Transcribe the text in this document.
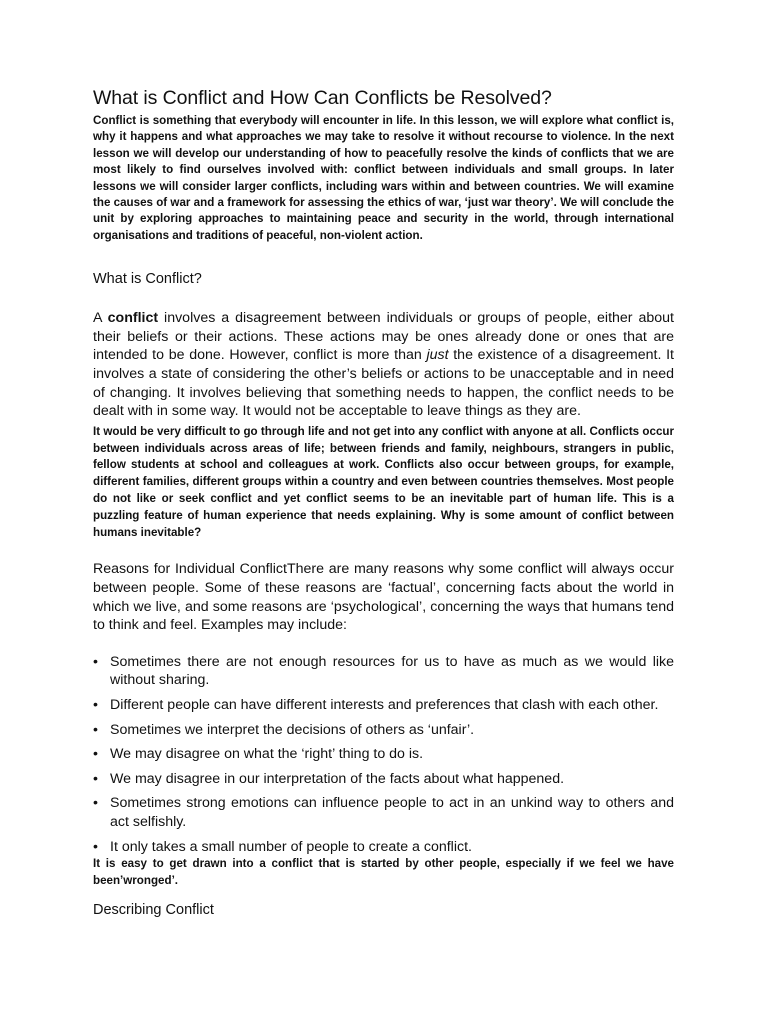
What is Conflict and How Can Conflicts be Resolved?

Conflict is something that everybody will encounter in life. In this lesson, we will explore what conflict is, why it happens and what approaches we may take to resolve it without recourse to violence. In the next lesson we will develop our understanding of how to peacefully resolve the kinds of conflicts that we are most likely to find ourselves involved with: conflict between individuals and small groups. In later lessons we will consider larger conflicts, including wars within and between countries. We will examine the causes of war and a framework for assessing the ethics of war, ‘just war theory’. We will conclude the unit by exploring approaches to maintaining peace and security in the world, through international organisations and traditions of peaceful, non-violent action.

What is Conflict?

A conflict involves a disagreement between individuals or groups of people, either about their beliefs or their actions. These actions may be ones already done or ones that are intended to be done. However, conflict is more than just the existence of a disagreement. It involves a state of considering the other’s beliefs or actions to be unacceptable and in need of changing. It involves believing that something needs to happen, the conflict needs to be dealt with in some way. It would not be acceptable to leave things as they are.

It would be very difficult to go through life and not get into any conflict with anyone at all. Conflicts occur between individuals across areas of life; between friends and family, neighbours, strangers in public, fellow students at school and colleagues at work. Conflicts also occur between groups, for example, different families, different groups within a country and even between countries themselves. Most people do not like or seek conflict and yet conflict seems to be an inevitable part of human life. This is a puzzling feature of human experience that needs explaining. Why is some amount of conflict between humans inevitable?

Reasons for Individual ConflictThere are many reasons why some conflict will always occur between people. Some of these reasons are ‘factual’, concerning facts about the world in which we live, and some reasons are ‘psychological’, concerning the ways that humans tend to think and feel. Examples may include:

• Sometimes there are not enough resources for us to have as much as we would like without sharing.
• Different people can have different interests and preferences that clash with each other.
• Sometimes we interpret the decisions of others as ‘unfair’.
• We may disagree on what the ‘right’ thing to do is.
• We may disagree in our interpretation of the facts about what happened.
• Sometimes strong emotions can influence people to act in an unkind way to others and act selfishly.
• It only takes a small number of people to create a conflict.

It is easy to get drawn into a conflict that is started by other people, especially if we feel we have been’wronged’.

Describing Conflict
